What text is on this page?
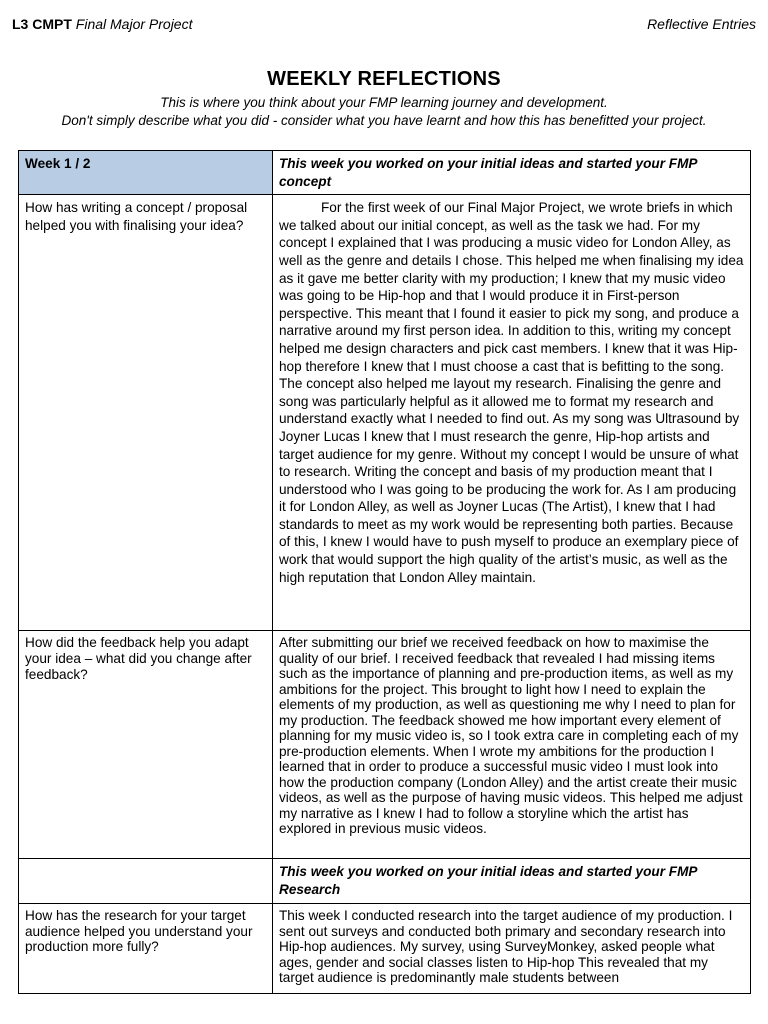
L3 CMPT Final Major Project	Reflective Entries
WEEKLY REFLECTIONS
This is where you think about your FMP learning journey and development.
Don't simply describe what you did - consider what you have learnt and how this has benefitted your project.
Week 1 / 2	This week you worked on your initial ideas and started your FMP concept
How has writing a concept / proposal helped you with finalising your idea?	For the first week of our Final Major Project, we wrote briefs in which we talked about our initial concept, as well as the task we had. For my concept I explained that I was producing a music video for London Alley, as well as the genre and details I chose. This helped me when finalising my idea as it gave me better clarity with my production; I knew that my music video was going to be Hip-hop and that I would produce it in First-person perspective. This meant that I found it easier to pick my song, and produce a narrative around my first person idea. In addition to this, writing my concept helped me design characters and pick cast members. I knew that it was Hip-hop therefore I knew that I must choose a cast that is befitting to the song. The concept also helped me layout my research. Finalising the genre and song was particularly helpful as it allowed me to format my research and understand exactly what I needed to find out. As my song was Ultrasound by Joyner Lucas I knew that I must research the genre, Hip-hop artists and target audience for my genre. Without my concept I would be unsure of what to research. Writing the concept and basis of my production meant that I understood who I was going to be producing the work for. As I am producing it for London Alley, as well as Joyner Lucas (The Artist), I knew that I had standards to meet as my work would be representing both parties. Because of this, I knew I would have to push myself to produce an exemplary piece of work that would support the high quality of the artist’s music, as well as the high reputation that London Alley maintain.
How did the feedback help you adapt your idea – what did you change after feedback?	After submitting our brief we received feedback on how to maximise the quality of our brief. I received feedback that revealed I had missing items such as the importance of planning and pre-production items, as well as my ambitions for the project. This brought to light how I need to explain the elements of my production, as well as questioning me why I need to plan for my production. The feedback showed me how important every element of planning for my music video is, so I took extra care in completing each of my pre-production elements. When I wrote my ambitions for the production I learned that in order to produce a successful music video I must look into how the production company (London Alley) and the artist create their music videos, as well as the purpose of having music videos. This helped me adjust my narrative as I knew I had to follow a storyline which the artist has explored in previous music videos.
	This week you worked on your initial ideas and started your FMP Research
How has the research for your target audience helped you understand your production more fully?	This week I conducted research into the target audience of my production. I sent out surveys and conducted both primary and secondary research into Hip-hop audiences. My survey, using SurveyMonkey, asked people what ages, gender and social classes listen to Hip-hop This revealed that my target audience is predominantly male students between
